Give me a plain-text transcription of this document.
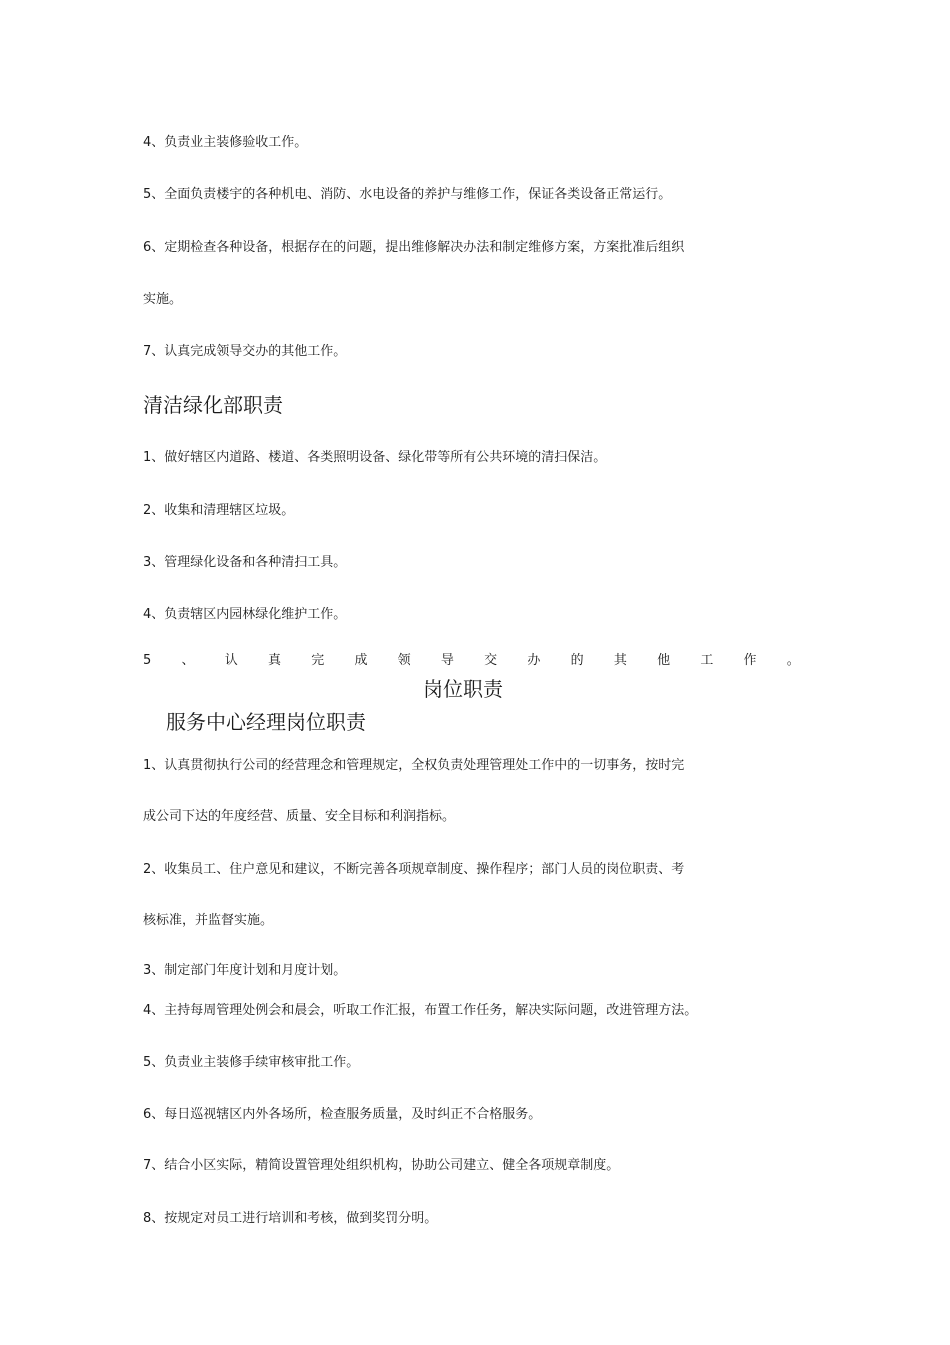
4、负责业主装修验收工作。
5、全面负责楼宇的各种机电、消防、水电设备的养护与维修工作，保证各类设备正常运行。
6、定期检查各种设备，根据存在的问题，提出维修解决办法和制定维修方案，方案批准后组织
实施。
7、认真完成领导交办的其他工作。
清洁绿化部职责
1、做好辖区内道路、楼道、各类照明设备、绿化带等所有公共环境的清扫保洁。
2、收集和清理辖区垃圾。
3、管理绿化设备和各种清扫工具。
4、负责辖区内园林绿化维护工作。
5 、 认 真 完 成 领 导 交 办 的 其 他 工 作 。
岗位职责
服务中心经理岗位职责
1、认真贯彻执行公司的经营理念和管理规定，全权负责处理管理处工作中的一切事务，按时完
成公司下达的年度经营、质量、安全目标和利润指标。
2、收集员工、住户意见和建议，不断完善各项规章制度、操作程序；部门人员的岗位职责、考
核标准，并监督实施。
3、制定部门年度计划和月度计划。
4、主持每周管理处例会和晨会，听取工作汇报，布置工作任务，解决实际问题，改进管理方法。
5、负责业主装修手续审核审批工作。
6、每日巡视辖区内外各场所，检查服务质量，及时纠正不合格服务。
7、结合小区实际，精简设置管理处组织机构，协助公司建立、健全各项规章制度。
8、按规定对员工进行培训和考核，做到奖罚分明。
